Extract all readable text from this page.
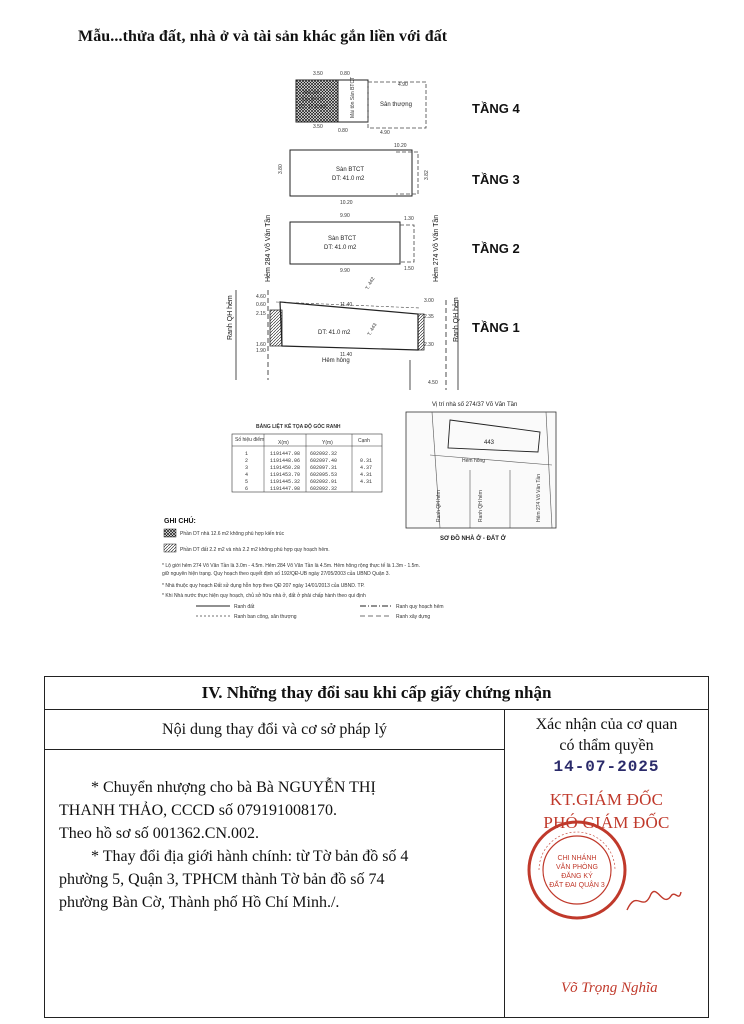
Mẫu...thửa đất, nhà ở và tài sản khác gắn liền với đất
Mái tôn
Sàn BTCT
DT: 10.6 m2	Mái tôn Sàn BTCT	Sân thượng
3.50	0.80
4.90
3.50
0.80	4.90
Sàn BTCT
DT: 41.0 m2
10.20
10.20
3.80
3.82
Sàn BTCT
DT: 41.0 m2
9.90
9.90
1.30
1.50
DT: 41.0 m2
Hẻm hông
11.40
11.40
T. 442
T. 443
4.60
0.60
2.15
3.00
2.35
2.30
1.60
1.90
4.50
Hẻm 284 Võ Văn Tần	Hẻm 274 Võ Văn Tần
Ranh QH hẻm	Ranh QH hẻm
TẦNG 4
TẦNG 3
TẦNG 2
TẦNG 1
BẢNG LIỆT KÊ TỌA ĐỘ GÓC RANH
Số hiệu điểm	X(m)	Y(m)	Cạnh
1	1191447.98 602092.32
2	1191448.06 602097.40	0.31
3	1191450.28 602097.31	4.37
4	1191453.70 602095.53	4.31
5	1191445.32 602092.91	4.31
6	1191447.98 602092.32
Vị trí nhà số 274/37 Võ Văn Tần
443
Hẻm hông
Hẻm 274 Võ Văn Tần
Ranh QH hẻm
Ranh QH hẻm
SƠ ĐỒ NHÀ Ở - ĐẤT Ở
GHI CHÚ:
Phần DT nhà 12.6 m2 không phù hợp kiến trúc
Phần DT đất 2.2 m2 và nhà 2.2 m2 không phù hợp quy hoạch hẻm.
* Lộ giới hẻm 274 Võ Văn Tần là 3.0m - 4.5m. Hẻm 284 Võ Văn Tần là 4.5m. Hẻm hông rộng thực tế là 1.3m - 1.5m.
giữ nguyên hiện trạng. Quy hoạch theo quyết định số 192/QĐ-UB ngày 27/05/2003 của UBND Quận 3.
* Nhà thuộc quy hoạch Đất sử dụng hỗn hợp theo QĐ 207 ngày 14/01/2013 của UBND. TP.
* Khi Nhà nước thực hiện quy hoạch, chủ sở hữu nhà ở, đất ở phải chấp hành theo qui định
Ranh đất	Ranh quy hoạch hẻm
Ranh ban công, sân thượng	Ranh xây dựng
IV. Những thay đổi sau khi cấp giấy chứng nhận
Nội dung thay đổi và cơ sở pháp lý

* Chuyển nhượng cho bà Bà NGUYỄN THỊ

THANH THẢO, CCCD số 079191008170.

Theo hồ sơ số 001362.CN.002.

* Thay đổi địa giới hành chính: từ Tờ bản đồ số 4

phường 5, Quận 3, TPHCM thành Tờ bản đồ số 74

phường Bàn Cờ, Thành phố Hồ Chí Minh./.

Xác nhận của cơ quan
có thẩm quyền
14-07-2025
KT.GIÁM ĐỐC
PHÓ GIÁM ĐỐC
CHI NHÁNH
VĂN PHÒNG
ĐĂNG KÝ
ĐẤT ĐAI QUẬN 3
Võ Trọng Nghĩa
